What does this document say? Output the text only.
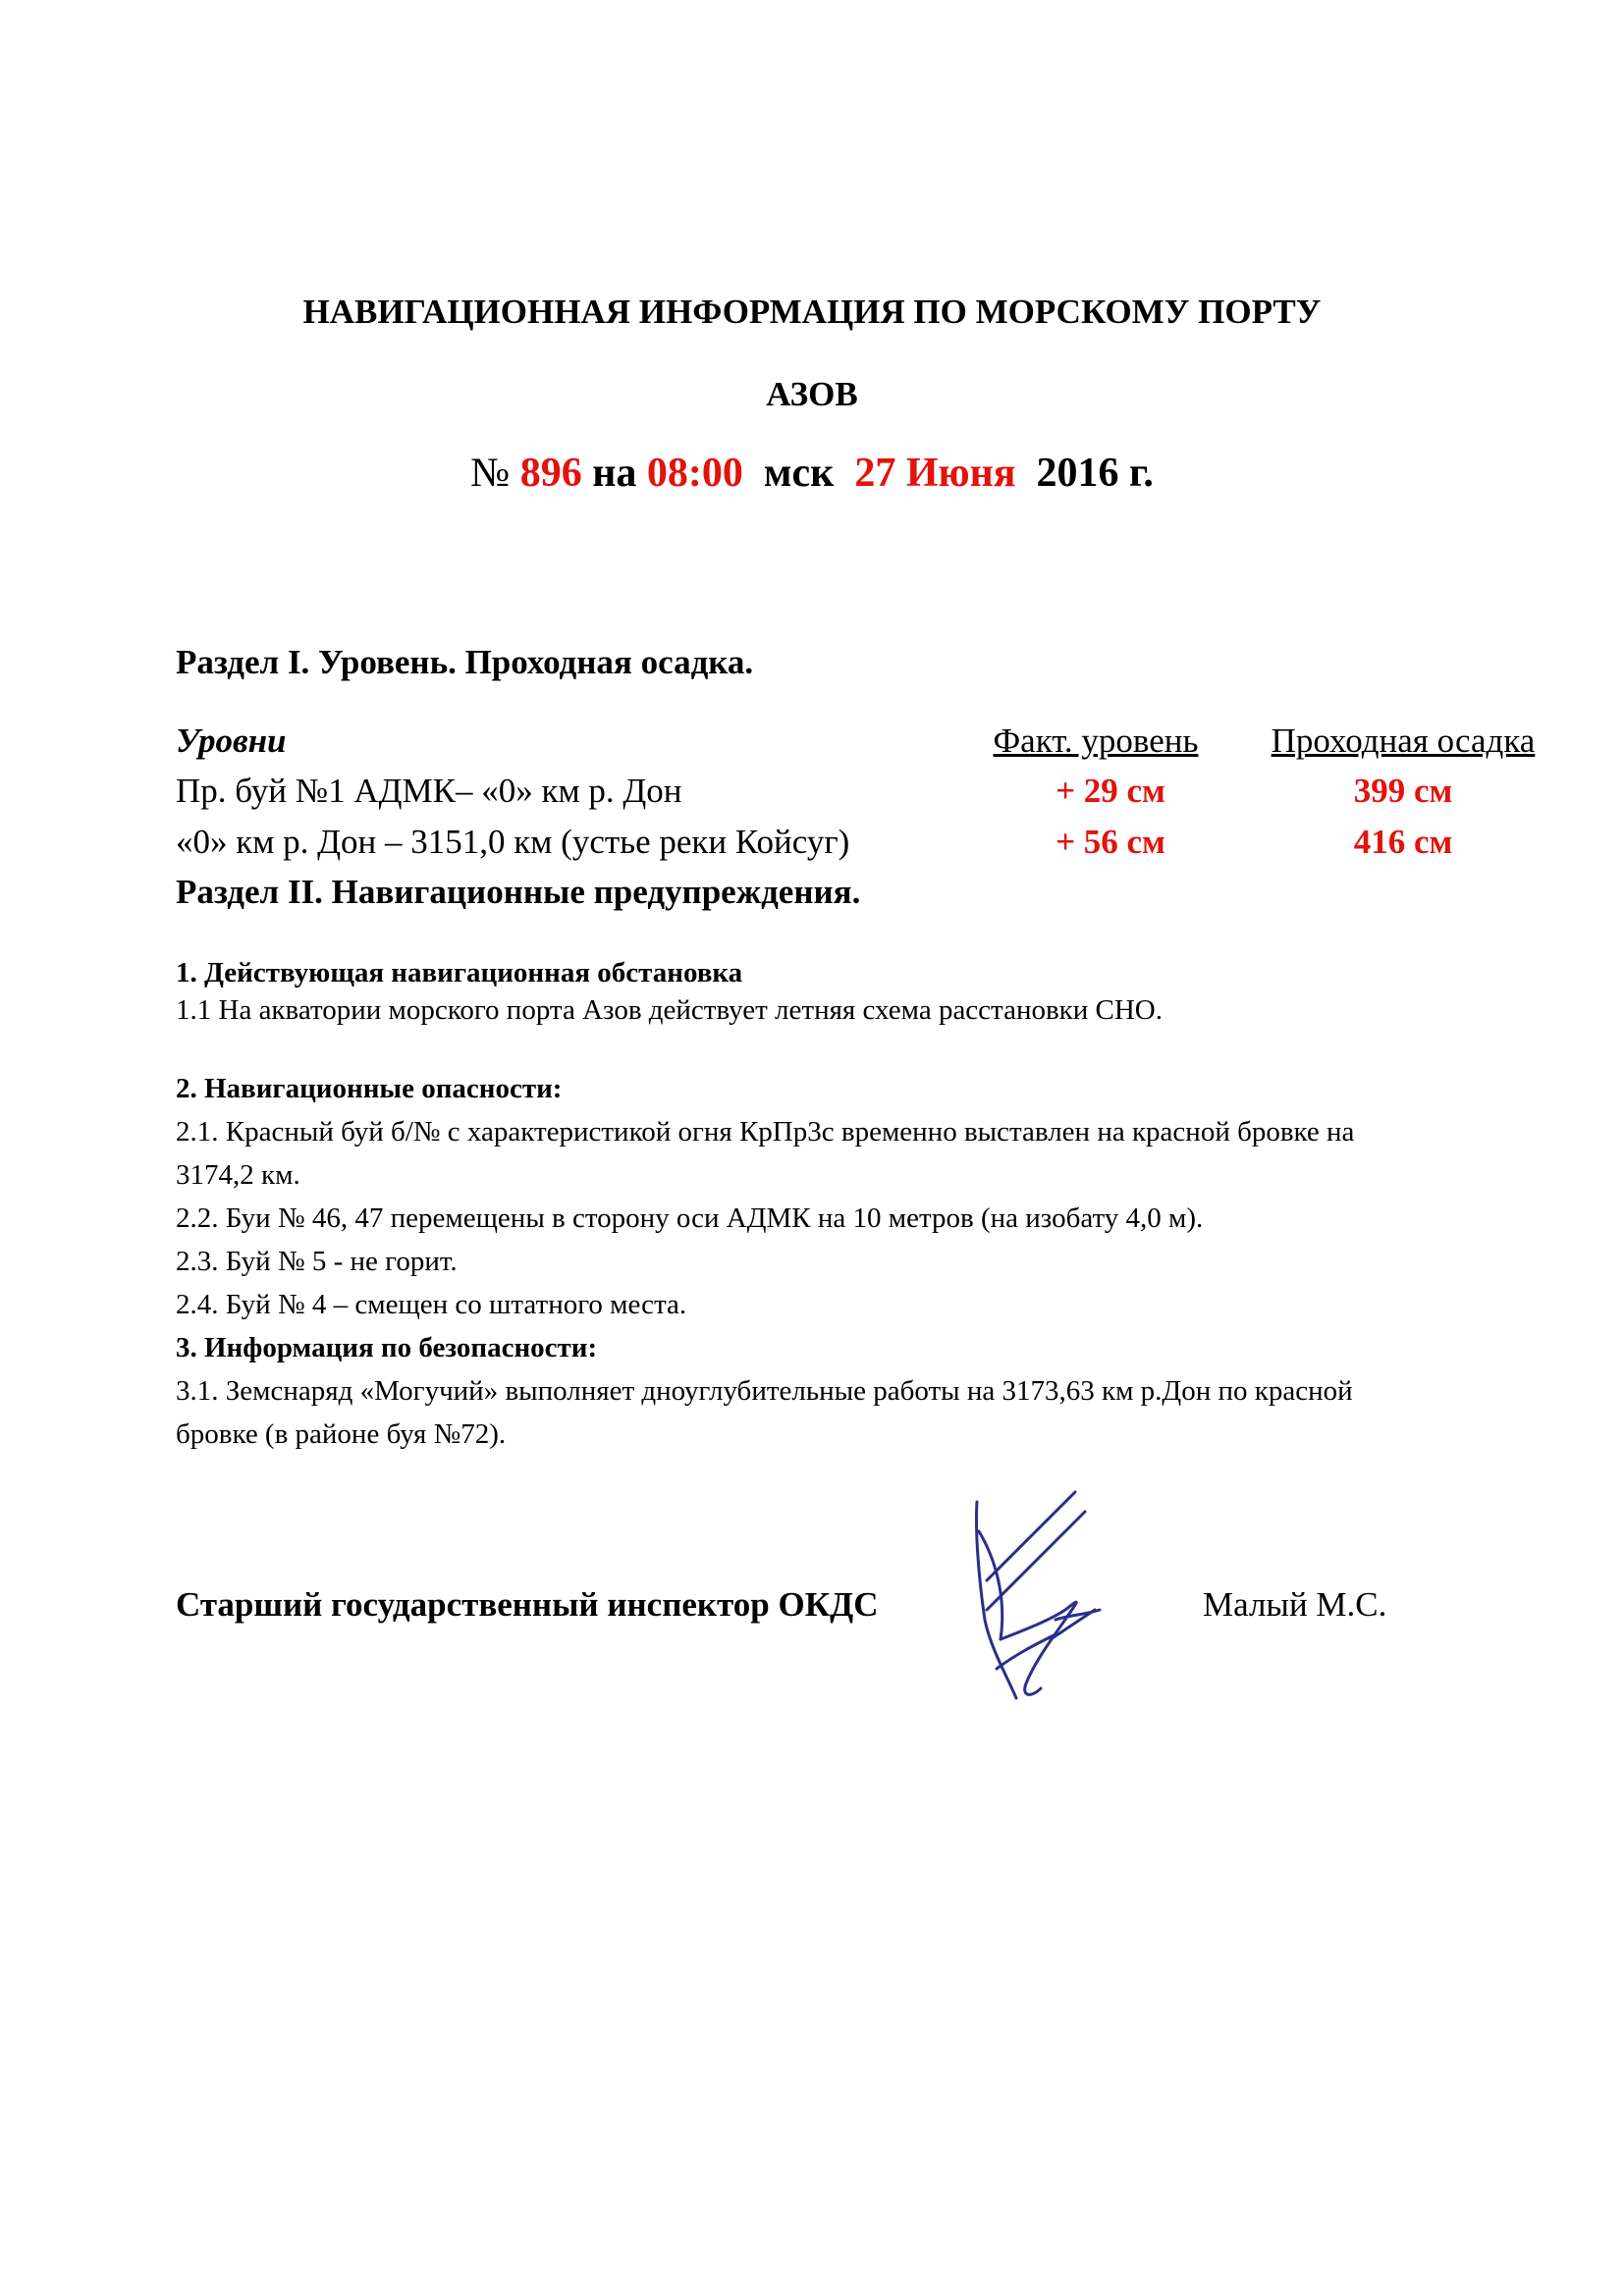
НАВИГАЦИОННАЯ ИНФОРМАЦИЯ ПО МОРСКОМУ ПОРТУ
АЗОВ
№ 896 на 08:00 мск 27 Июня 2016 г.
Раздел I. Уровень. Проходная осадка.
Уровни	Факт. уровень	Проходная осадка
Пр. буй №1 АДМК– «0» км р. Дон	+ 29 см	399 см
«0» км р. Дон – 3151,0 км (устье реки Койсуг)	+ 56 см	416 см
Раздел II. Навигационные предупреждения.
1. Действующая навигационная обстановка
1.1 На акватории морского порта Азов действует летняя схема расстановки СНО.
2. Навигационные опасности:
2.1. Красный буй б/№ с характеристикой огня КрПр3с временно выставлен на красной бровке на
3174,2 км.
2.2. Буи № 46, 47 перемещены в сторону оси АДМК на 10 метров (на изобату 4,0 м).
2.3. Буй № 5 - не горит.
2.4. Буй № 4 – смещен со штатного места.
3. Информация по безопасности:
3.1. Земснаряд «Могучий» выполняет дноуглубительные работы на 3173,63 км р.Дон по красной
бровке (в районе буя №72).
Старший государственный инспектор ОКДС	Малый М.С.
